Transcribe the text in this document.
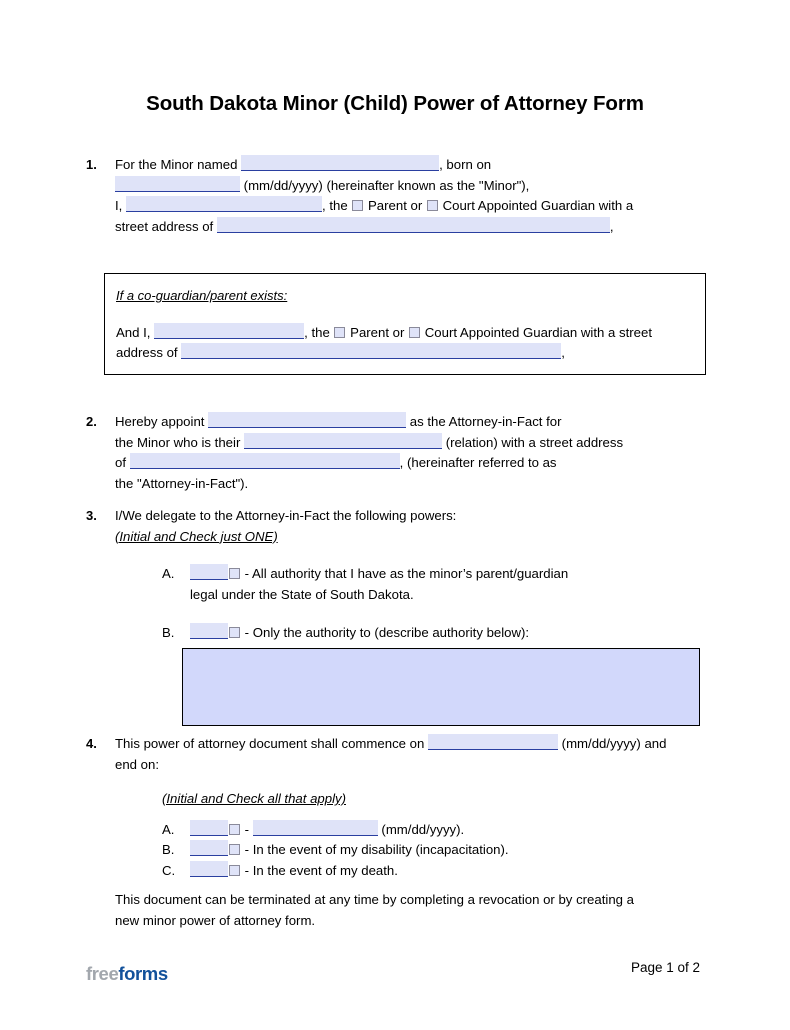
South Dakota Minor (Child) Power of Attorney Form
1.	For the Minor named	, born on
(mm/dd/yyyy) (hereinafter known as the "Minor"),
I,	, the Parent or Court Appointed Guardian with a
street address of	,
If a co-guardian/parent exists:
And I,	, the Parent or Court Appointed Guardian with a street
address of	,
2.	Hereby appoint	as the Attorney-in-Fact for
the Minor who is their	(relation) with a street address
of	, (hereinafter referred to as
the "Attorney-in-Fact").
3.	I/We delegate to the Attorney-in-Fact the following powers:
(Initial and Check just ONE)
A.	- All authority that I have as the minor’s parent/guardian
legal under the State of South Dakota.
B.	- Only the authority to (describe authority below):
4.	This power of attorney document shall commence on	(mm/dd/yyyy) and
end on:
(Initial and Check all that apply)
A.	-	(mm/dd/yyyy).
B.	- In the event of my disability (incapacitation).
C.	- In the event of my death.
This document can be terminated at any time by completing a revocation or by creating a
new minor power of attorney form.
freeforms	Page 1 of 2
